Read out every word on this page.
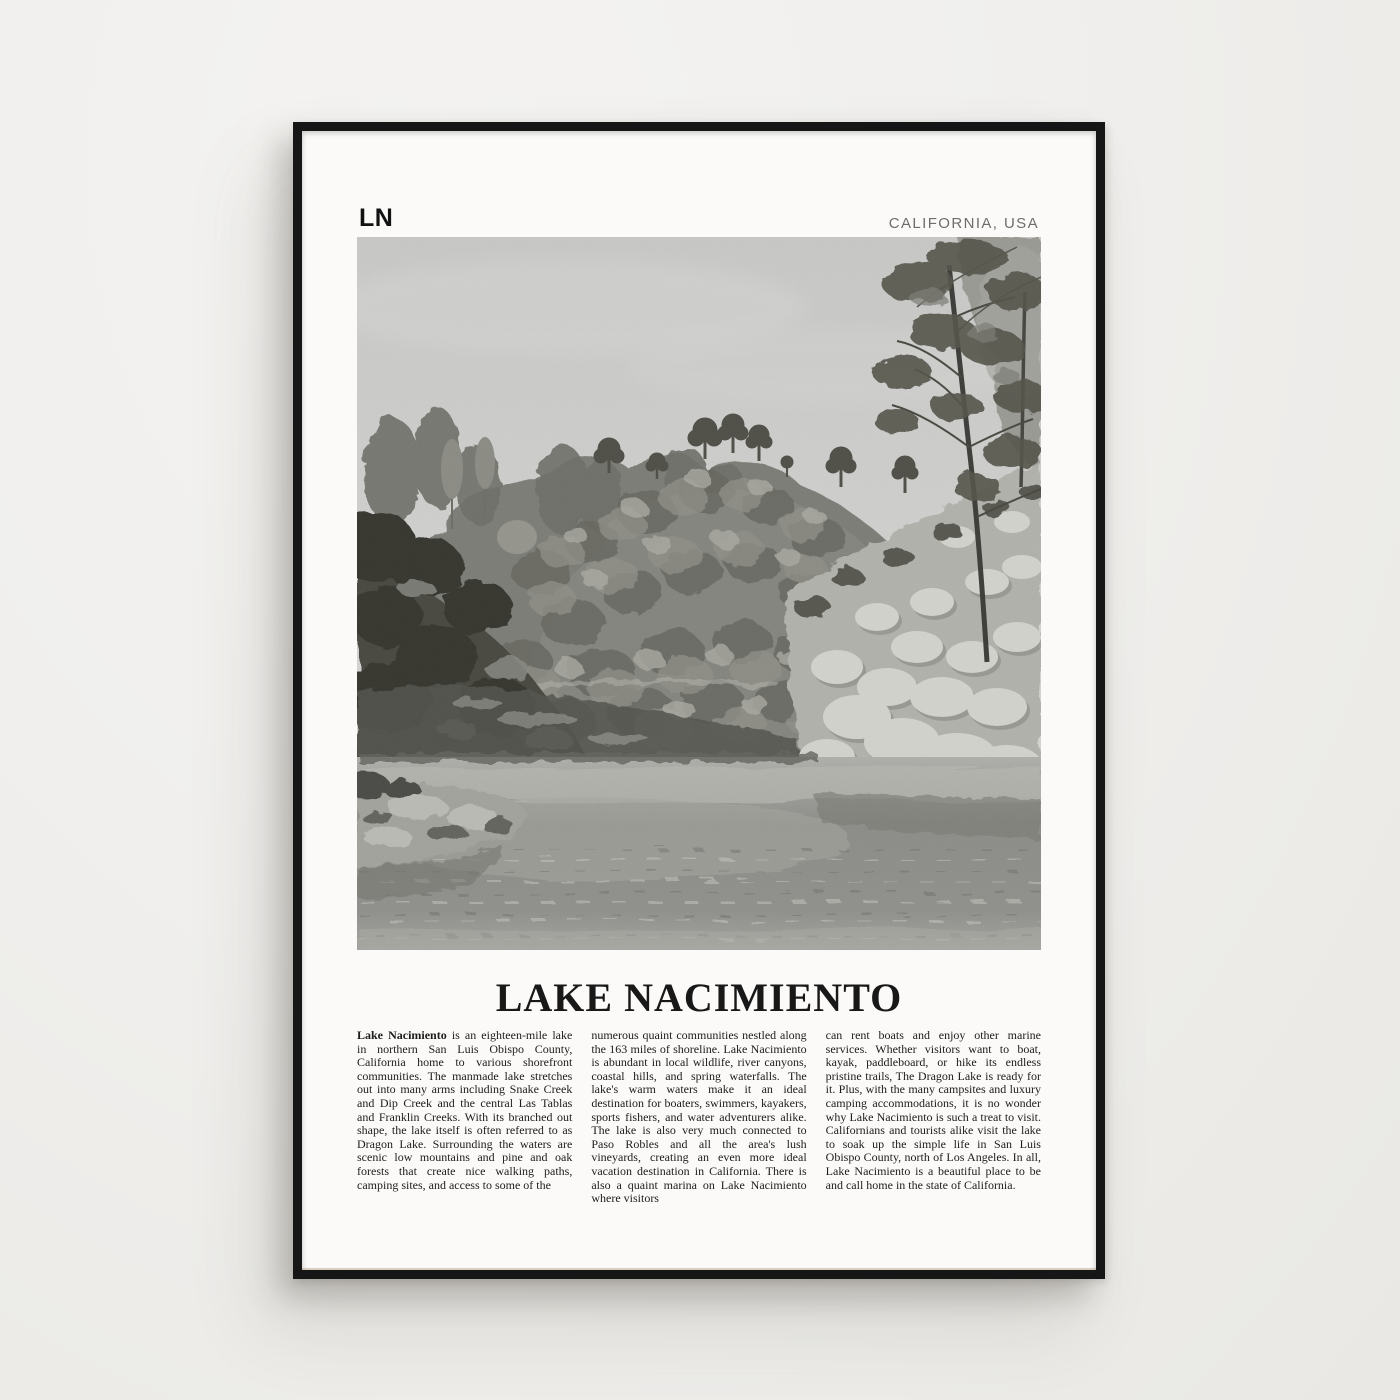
LN	CALIFORNIA, USA
LAKE NACIMIENTO

Lake Nacimiento is an eighteen-mile lake in northern San Luis Obispo County, California home to various shorefront communities. The manmade lake stretches out into many arms including Snake Creek and Dip Creek and the central Las Tablas and Franklin Creeks. With its branched out shape, the lake itself is often referred to as Dragon Lake. Surrounding the waters are scenic low mountains and pine and oak forests that create nice walking paths, camping sites, and access to some of the

numerous quaint communities nestled along the 163 miles of shoreline. Lake Nacimiento is abundant in local wildlife, river canyons, coastal hills, and spring waterfalls. The lake's warm waters make it an ideal destination for boaters, swimmers, kayakers, sports fishers, and water adventurers alike. The lake is also very much connected to Paso Robles and all the area's lush vineyards, creating an even more ideal vacation destination in California. There is also a quaint marina on Lake Nacimiento where visitors

can rent boats and enjoy other marine services. Whether visitors want to boat, kayak, paddleboard, or hike its endless pristine trails, The Dragon Lake is ready for it. Plus, with the many campsites and luxury camping accommodations, it is no wonder why Lake Nacimiento is such a treat to visit. Californians and tourists alike visit the lake to soak up the simple life in San Luis Obispo County, north of Los Angeles. In all, Lake Nacimiento is a beautiful place to be and call home in the state of California.
